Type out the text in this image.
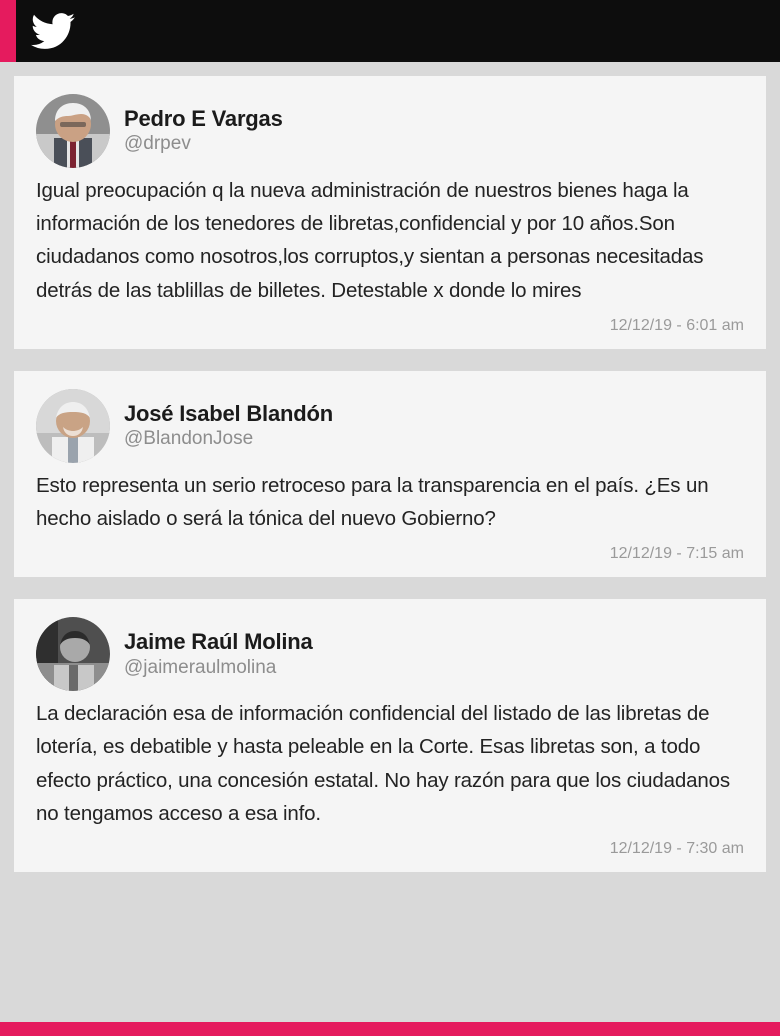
Pedro E Vargas
@drpev
Igual preocupación q la nueva administración de nuestros bienes haga la información de los tenedores de libretas,confidencial y por 10 años.Son ciudadanos como nosotros,los corruptos,y sientan a personas necesitadas detrás de las tablillas de billetes. Detestable x donde lo mires
12/12/19 - 6:01 am
José Isabel Blandón
@BlandonJose
Esto representa un serio retroceso para la transparencia en el país. ¿Es un hecho aislado o será la tónica del nuevo Gobierno?
12/12/19 - 7:15 am
Jaime Raúl Molina
@jaimeraulmolina
La declaración esa de información confidencial del listado de las libretas de lotería, es debatible y hasta peleable en la Corte. Esas libretas son, a todo efecto práctico, una concesión estatal. No hay razón para que los ciudadanos no tengamos acceso a esa info.
12/12/19 - 7:30 am
